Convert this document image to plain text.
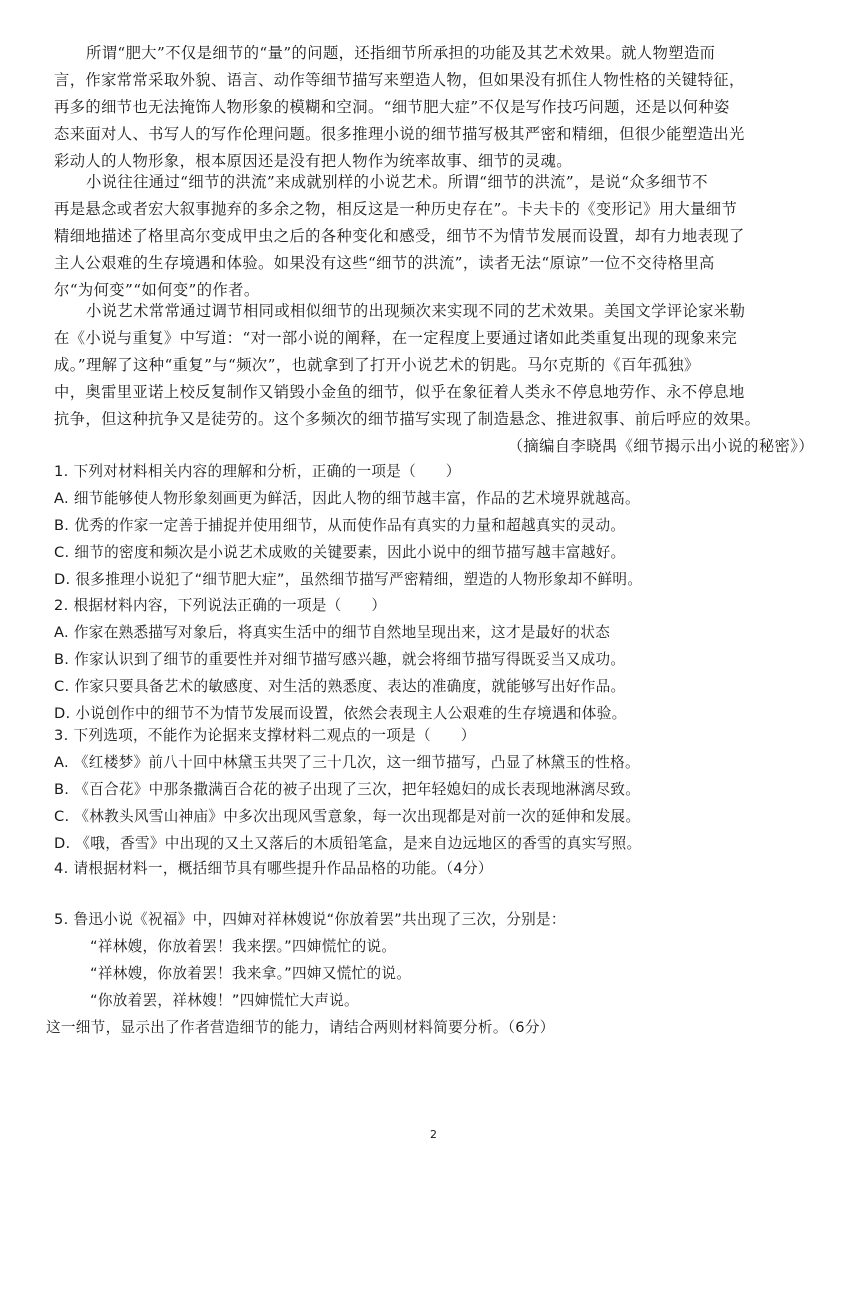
所谓“肥大”不仅是细节的“量”的问题，还指细节所承担的功能及其艺术效果。就人物塑造而
言，作家常常采取外貌、语言、动作等细节描写来塑造人物，但如果没有抓住人物性格的关键特征，
再多的细节也无法掩饰人物形象的模糊和空洞。“细节肥大症”不仅是写作技巧问题，还是以何种姿
态来面对人、书写人的写作伦理问题。很多推理小说的细节描写极其严密和精细，但很少能塑造出光
彩动人的人物形象，根本原因还是没有把人物作为统率故事、细节的灵魂。
小说往往通过“细节的洪流”来成就别样的小说艺术。所谓“细节的洪流”，是说“众多细节不
再是悬念或者宏大叙事抛弃的多余之物，相反这是一种历史存在”。卡夫卡的《变形记》用大量细节
精细地描述了格里高尔变成甲虫之后的各种变化和感受，细节不为情节发展而设置，却有力地表现了
主人公艰难的生存境遇和体验。如果没有这些“细节的洪流”，读者无法“原谅”一位不交待格里高
尔“为何变”“如何变”的作者。
小说艺术常常通过调节相同或相似细节的出现频次来实现不同的艺术效果。美国文学评论家米勒
在《小说与重复》中写道：“对一部小说的阐释，在一定程度上要通过诸如此类重复出现的现象来完
成。”理解了这种“重复”与“频次”，也就拿到了打开小说艺术的钥匙。马尔克斯的《百年孤独》
中，奥雷里亚诺上校反复制作又销毁小金鱼的细节，似乎在象征着人类永不停息地劳作、永不停息地
抗争，但这种抗争又是徒劳的。这个多频次的细节描写实现了制造悬念、推进叙事、前后呼应的效果。
（摘编自李晓禺《细节揭示出小说的秘密》）
1. 下列对材料相关内容的理解和分析，正确的一项是（　　）
A. 细节能够使人物形象刻画更为鲜活，因此人物的细节越丰富，作品的艺术境界就越高。
B. 优秀的作家一定善于捕捉并使用细节，从而使作品有真实的力量和超越真实的灵动。
C. 细节的密度和频次是小说艺术成败的关键要素，因此小说中的细节描写越丰富越好。
D. 很多推理小说犯了“细节肥大症”，虽然细节描写严密精细，塑造的人物形象却不鲜明。
2. 根据材料内容，下列说法正确的一项是（　　）
A. 作家在熟悉描写对象后，将真实生活中的细节自然地呈现出来，这才是最好的状态
B. 作家认识到了细节的重要性并对细节描写感兴趣，就会将细节描写得既妥当又成功。
C. 作家只要具备艺术的敏感度、对生活的熟悉度、表达的准确度，就能够写出好作品。
D. 小说创作中的细节不为情节发展而设置，依然会表现主人公艰难的生存境遇和体验。
3. 下列选项，不能作为论据来支撑材料二观点的一项是（　　）
A. 《红楼梦》前八十回中林黛玉共哭了三十几次，这一细节描写，凸显了林黛玉的性格。
B. 《百合花》中那条撒满百合花的被子出现了三次，把年轻媳妇的成长表现地淋漓尽致。
C. 《林教头风雪山神庙》中多次出现风雪意象，每一次出现都是对前一次的延伸和发展。
D. 《哦，香雪》中出现的又土又落后的木质铅笔盒，是来自边远地区的香雪的真实写照。
4. 请根据材料一，概括细节具有哪些提升作品品格的功能。（4分）
5. 鲁迅小说《祝福》中，四婶对祥林嫂说“你放着罢”共出现了三次，分别是：
“祥林嫂，你放着罢！我来摆。”四婶慌忙的说。
“祥林嫂，你放着罢！我来拿。”四婶又慌忙的说。
“你放着罢，祥林嫂！”四婶慌忙大声说。
这一细节，显示出了作者营造细节的能力，请结合两则材料简要分析。（6分）
2
